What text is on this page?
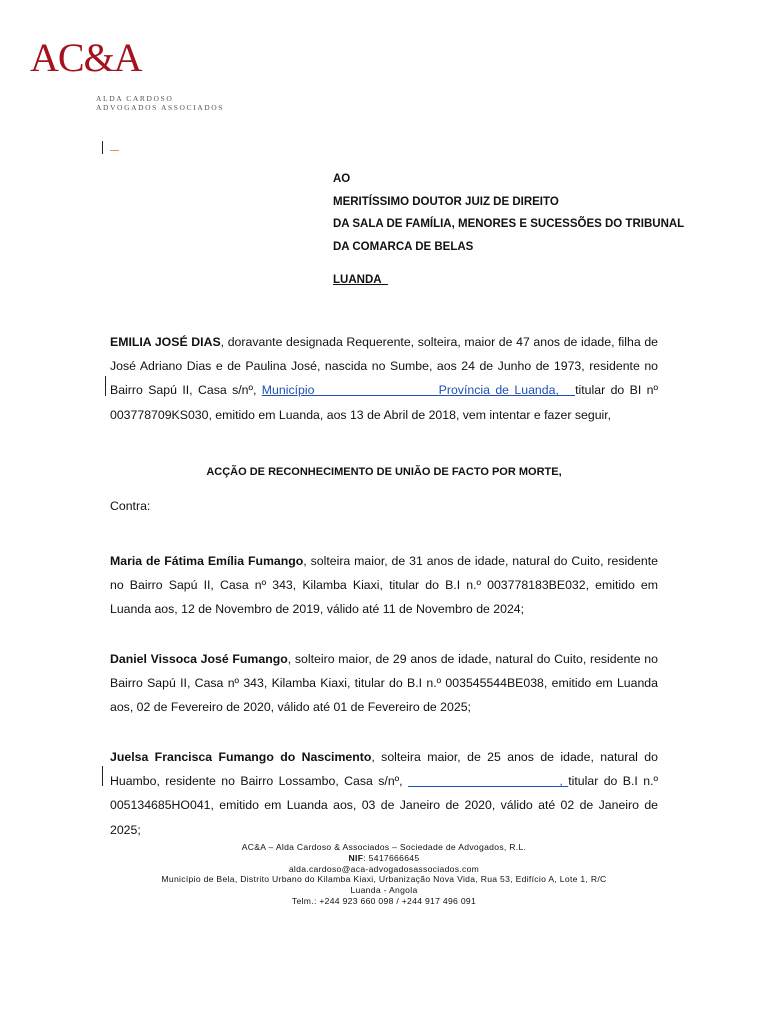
AC&A
ALDA CARDOSO
ADVOGADOS ASSOCIADOS
AO
MERITÍSSIMO DOUTOR JUIZ DE DIREITO
DA SALA DE FAMÍLIA, MENORES E SUCESSÕES DO TRIBUNAL
DA COMARCA DE BELAS
LUANDA
EMILIA JOSÉ DIAS, doravante designada Requerente, solteira, maior de 47 anos de idade, filha de José Adriano Dias e de Paulina José, nascida no Sumbe, aos 24 de Junho de 1973, residente no Bairro Sapú II, Casa s/nº, Município	Província de Luanda, titular do BI nº 003778709KS030, emitido em Luanda, aos 13 de Abril de 2018, vem intentar e fazer seguir,
ACÇÃO DE RECONHECIMENTO DE UNIÃO DE FACTO POR MORTE,
Contra:
Maria de Fátima Emília Fumango, solteira maior, de 31 anos de idade, natural do Cuito, residente no Bairro Sapú II, Casa nº 343, Kilamba Kiaxi, titular do B.I n.º 003778183BE032, emitido em Luanda aos, 12 de Novembro de 2019, válido até 11 de Novembro de 2024;
Daniel Vissoca José Fumango, solteiro maior, de 29 anos de idade, natural do Cuito, residente no Bairro Sapú II, Casa nº 343, Kilamba Kiaxi, titular do B.I n.º 003545544BE038, emitido em Luanda aos, 02 de Fevereiro de 2020, válido até 01 de Fevereiro de 2025;
Juelsa Francisca Fumango do Nascimento, solteira maior, de 25 anos de idade, natural do Huambo, residente no Bairro Lossambo, Casa s/nº,	, titular do B.I n.º 005134685HO041, emitido em Luanda aos, 03 de Janeiro de 2020, válido até 02 de Janeiro de 2025;
AC&A – Alda Cardoso & Associados – Sociedade de Advogados, R.L.
NIF: 5417666645
alda.cardoso@aca-advogadosassociados.com
Município de Bela, Distrito Urbano do Kilamba Kiaxi, Urbanização Nova Vida, Rua 53, Edifício A, Lote 1, R/C
Luanda - Angola
Telm.: +244 923 660 098 / +244 917 496 091
